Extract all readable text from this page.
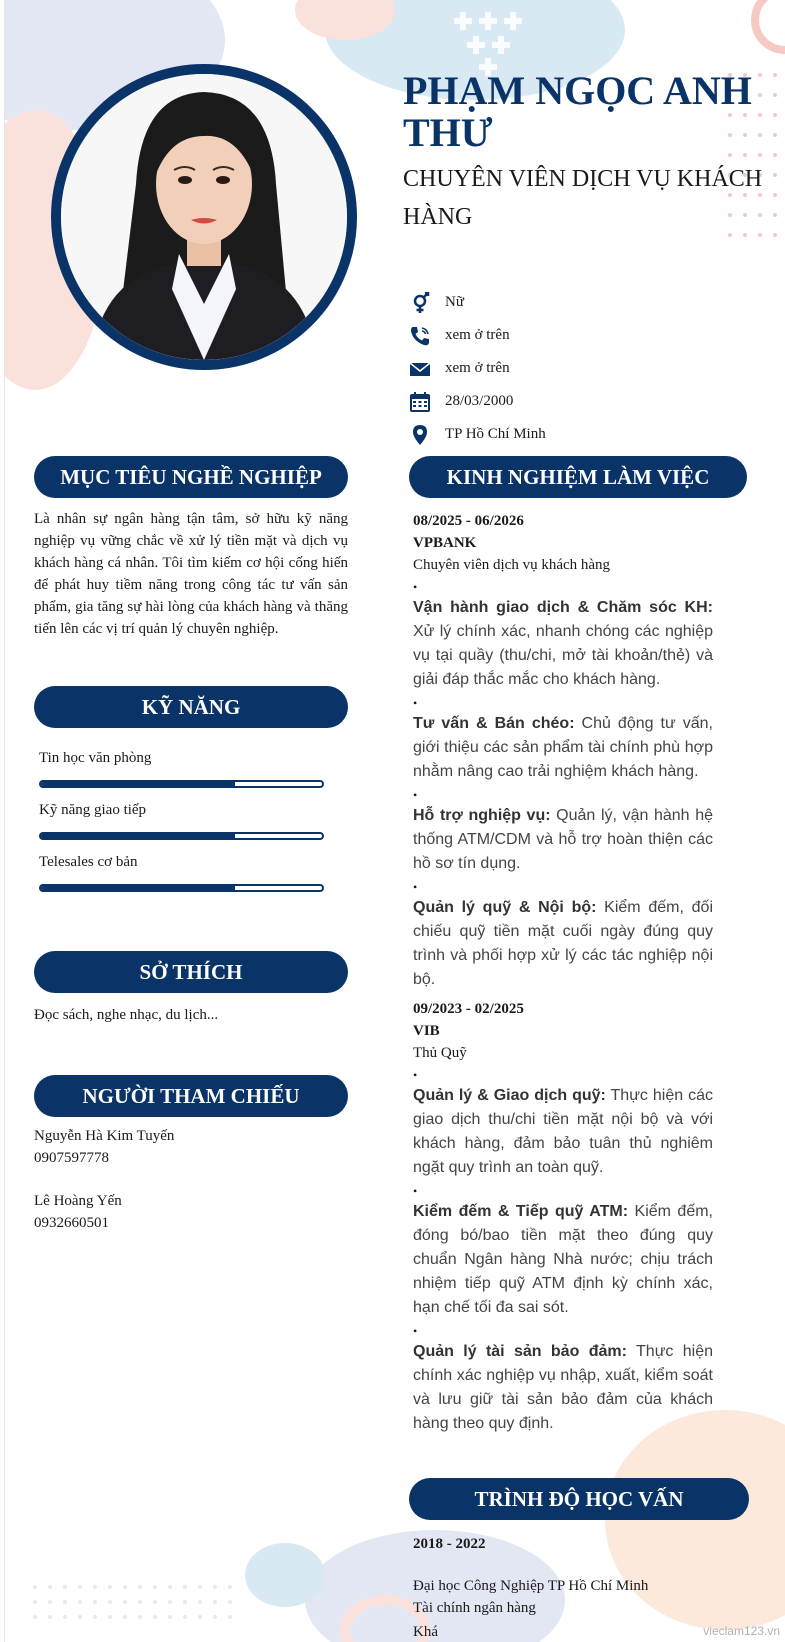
PHẠM NGỌC ANH THƯ
CHUYÊN VIÊN DỊCH VỤ KHÁCH HÀNG
Nữ
xem ở trên
xem ở trên
28/03/2000
TP Hồ Chí Minh
MỤC TIÊU NGHỀ NGHIỆP
Là nhân sự ngân hàng tận tâm, sở hữu kỹ năng nghiệp vụ vững chắc về xử lý tiền mặt và dịch vụ khách hàng cá nhân. Tôi tìm kiếm cơ hội cống hiến để phát huy tiềm năng trong công tác tư vấn sản phẩm, gia tăng sự hài lòng của khách hàng và thăng tiến lên các vị trí quản lý chuyên nghiệp.
KỸ NĂNG
Tin học văn phòng
Kỹ năng giao tiếp
Telesales cơ bản
SỞ THÍCH
Đọc sách, nghe nhạc, du lịch...
NGƯỜI THAM CHIẾU
Nguyễn Hà Kim Tuyến
0907597778
Lê Hoàng Yến
0932660501
KINH NGHIỆM LÀM VIỆC
08/2025 - 06/2026
VPBANK
Chuyên viên dịch vụ khách hàng
•
Vận hành giao dịch & Chăm sóc KH: Xử lý chính xác, nhanh chóng các nghiệp vụ tại quầy (thu/chi, mở tài khoản/thẻ) và giải đáp thắc mắc cho khách hàng.
•
Tư vấn & Bán chéo: Chủ động tư vấn, giới thiệu các sản phẩm tài chính phù hợp nhằm nâng cao trải nghiệm khách hàng.
•
Hỗ trợ nghiệp vụ: Quản lý, vận hành hệ thống ATM/CDM và hỗ trợ hoàn thiện các hồ sơ tín dụng.
•
Quản lý quỹ & Nội bộ: Kiểm đếm, đối chiếu quỹ tiền mặt cuối ngày đúng quy trình và phối hợp xử lý các tác nghiệp nội bộ.
09/2023 - 02/2025
VIB
Thủ Quỹ
•
Quản lý & Giao dịch quỹ: Thực hiện các giao dịch thu/chi tiền mặt nội bộ và với khách hàng, đảm bảo tuân thủ nghiêm ngặt quy trình an toàn quỹ.
•
Kiểm đếm & Tiếp quỹ ATM: Kiểm đếm, đóng bó/bao tiền mặt theo đúng quy chuẩn Ngân hàng Nhà nước; chịu trách nhiệm tiếp quỹ ATM định kỳ chính xác, hạn chế tối đa sai sót.
•
Quản lý tài sản bảo đảm: Thực hiện chính xác nghiệp vụ nhập, xuất, kiểm soát và lưu giữ tài sản bảo đảm của khách hàng theo quy định.
TRÌNH ĐỘ HỌC VẤN
2018 - 2022
Đại học Công Nghiệp TP Hồ Chí Minh
Tài chính ngân hàng
Khá	vieclam123.vn
